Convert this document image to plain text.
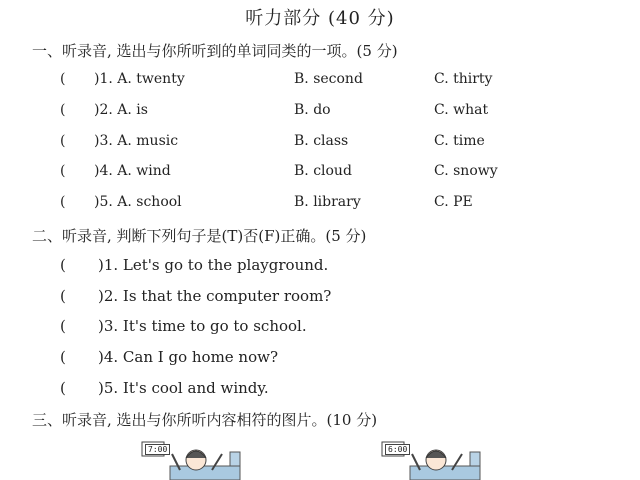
听力部分 (40 分)
一、听录音, 选出与你所听到的单词同类的一项。(5 分)
( )1. A. twenty	B. second	C. thirty
( )2. A. is	B. do	C. what
( )3. A. music	B. class	C. time
( )4. A. wind	B. cloud	C. snowy
( )5. A. school	B. library	C. PE
二、听录音, 判断下列句子是(T)否(F)正确。(5 分)
( )1. Let's go to the playground.
( )2. Is that the computer room?
( )3. It's time to go to school.
( )4. Can I go home now?
( )5. It's cool and windy.
三、听录音, 选出与你所听内容相符的图片。(10 分)
7:00	6:00
